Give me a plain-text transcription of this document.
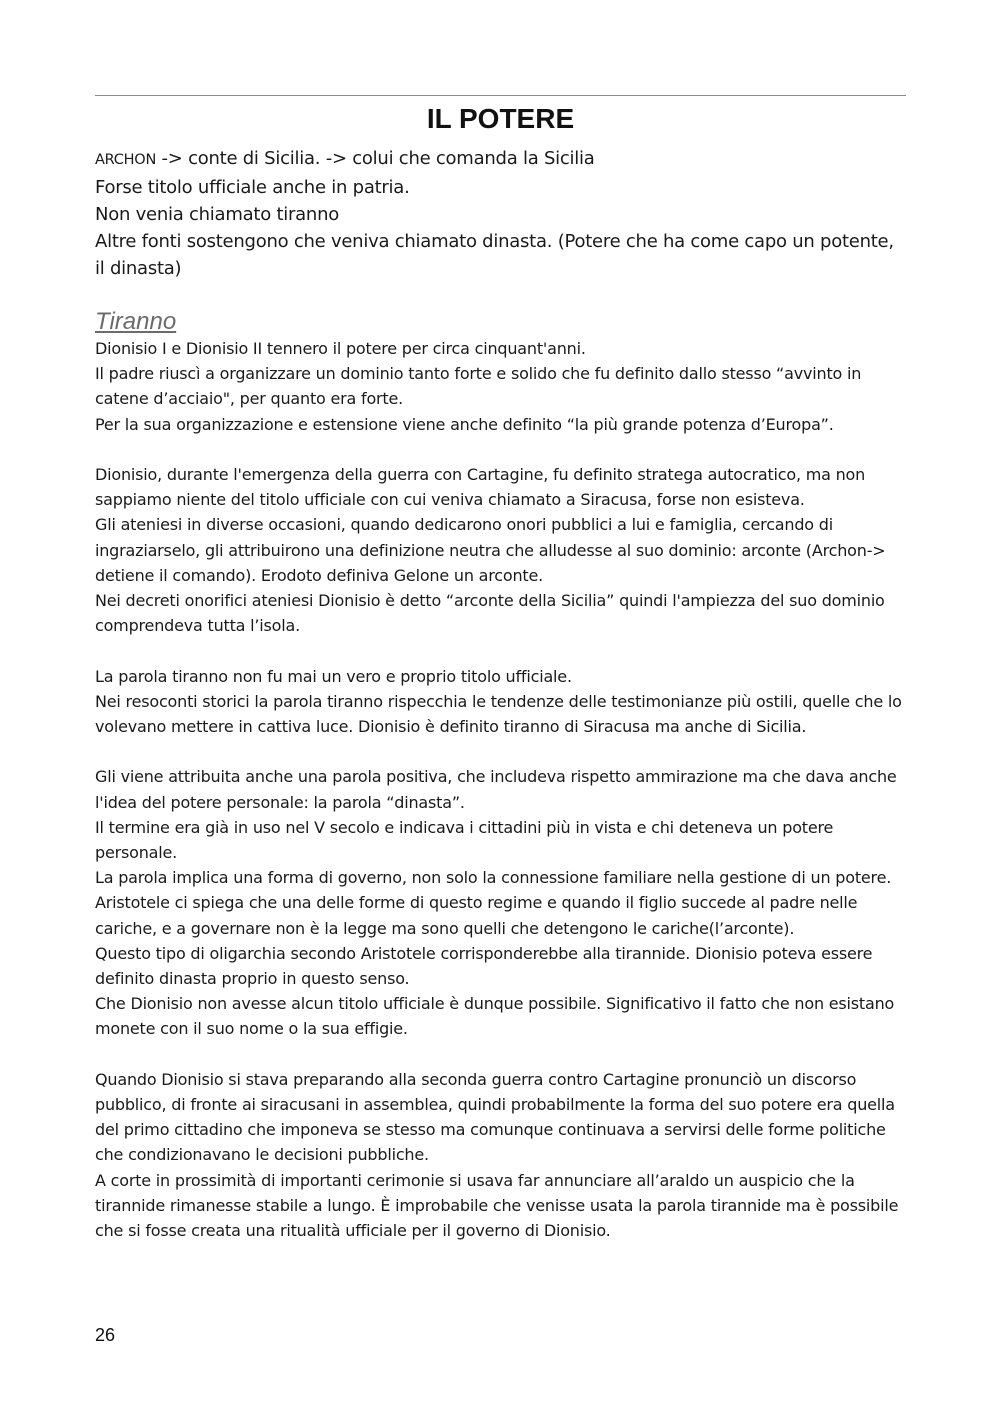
IL POTERE

ARCHON -> conte di Sicilia. -> colui che comanda la Sicilia

Forse titolo ufficiale anche in patria.

Non venia chiamato tiranno

Altre fonti sostengono che veniva chiamato dinasta. (Potere che ha come capo un potente, il dinasta)

Tiranno

Dionisio I e Dionisio II tennero il potere per circa cinquant'anni.

Il padre riuscì a organizzare un dominio tanto forte e solido che fu definito dallo stesso “avvinto in catene d’acciaio", per quanto era forte.

Per la sua organizzazione e estensione viene anche definito “la più grande potenza d’Europa”.

Dionisio, durante l'emergenza della guerra con Cartagine, fu definito stratega autocratico, ma non sappiamo niente del titolo ufficiale con cui veniva chiamato a Siracusa, forse non esisteva.

Gli ateniesi in diverse occasioni, quando dedicarono onori pubblici a lui e famiglia, cercando di ingraziarselo, gli attribuirono una definizione neutra che alludesse al suo dominio: arconte (Archon-> detiene il comando). Erodoto definiva Gelone un arconte.

Nei decreti onorifici ateniesi Dionisio è detto “arconte della Sicilia” quindi l'ampiezza del suo dominio comprendeva tutta l’isola.

La parola tiranno non fu mai un vero e proprio titolo ufficiale.

Nei resoconti storici la parola tiranno rispecchia le tendenze delle testimonianze più ostili, quelle che lo volevano mettere in cattiva luce. Dionisio è definito tiranno di Siracusa ma anche di Sicilia.

Gli viene attribuita anche una parola positiva, che includeva rispetto ammirazione ma che dava anche l'idea del potere personale: la parola “dinasta”.

Il termine era già in uso nel V secolo e indicava i cittadini più in vista e chi deteneva un potere personale.

La parola implica una forma di governo, non solo la connessione familiare nella gestione di un potere.

Aristotele ci spiega che una delle forme di questo regime e quando il figlio succede al padre nelle cariche, e a governare non è la legge ma sono quelli che detengono le cariche(l’arconte).

Questo tipo di oligarchia secondo Aristotele corrisponderebbe alla tirannide. Dionisio poteva essere definito dinasta proprio in questo senso.

Che Dionisio non avesse alcun titolo ufficiale è dunque possibile. Significativo il fatto che non esistano monete con il suo nome o la sua effigie.

Quando Dionisio si stava preparando alla seconda guerra contro Cartagine pronunciò un discorso pubblico, di fronte ai siracusani in assemblea, quindi probabilmente la forma del suo potere era quella del primo cittadino che imponeva se stesso ma comunque continuava a servirsi delle forme politiche che condizionavano le decisioni pubbliche.

A corte in prossimità di importanti cerimonie si usava far annunciare all’araldo un auspicio che la tirannide rimanesse stabile a lungo. È improbabile che venisse usata la parola tirannide ma è possibile che si fosse creata una ritualità ufficiale per il governo di Dionisio.

26
